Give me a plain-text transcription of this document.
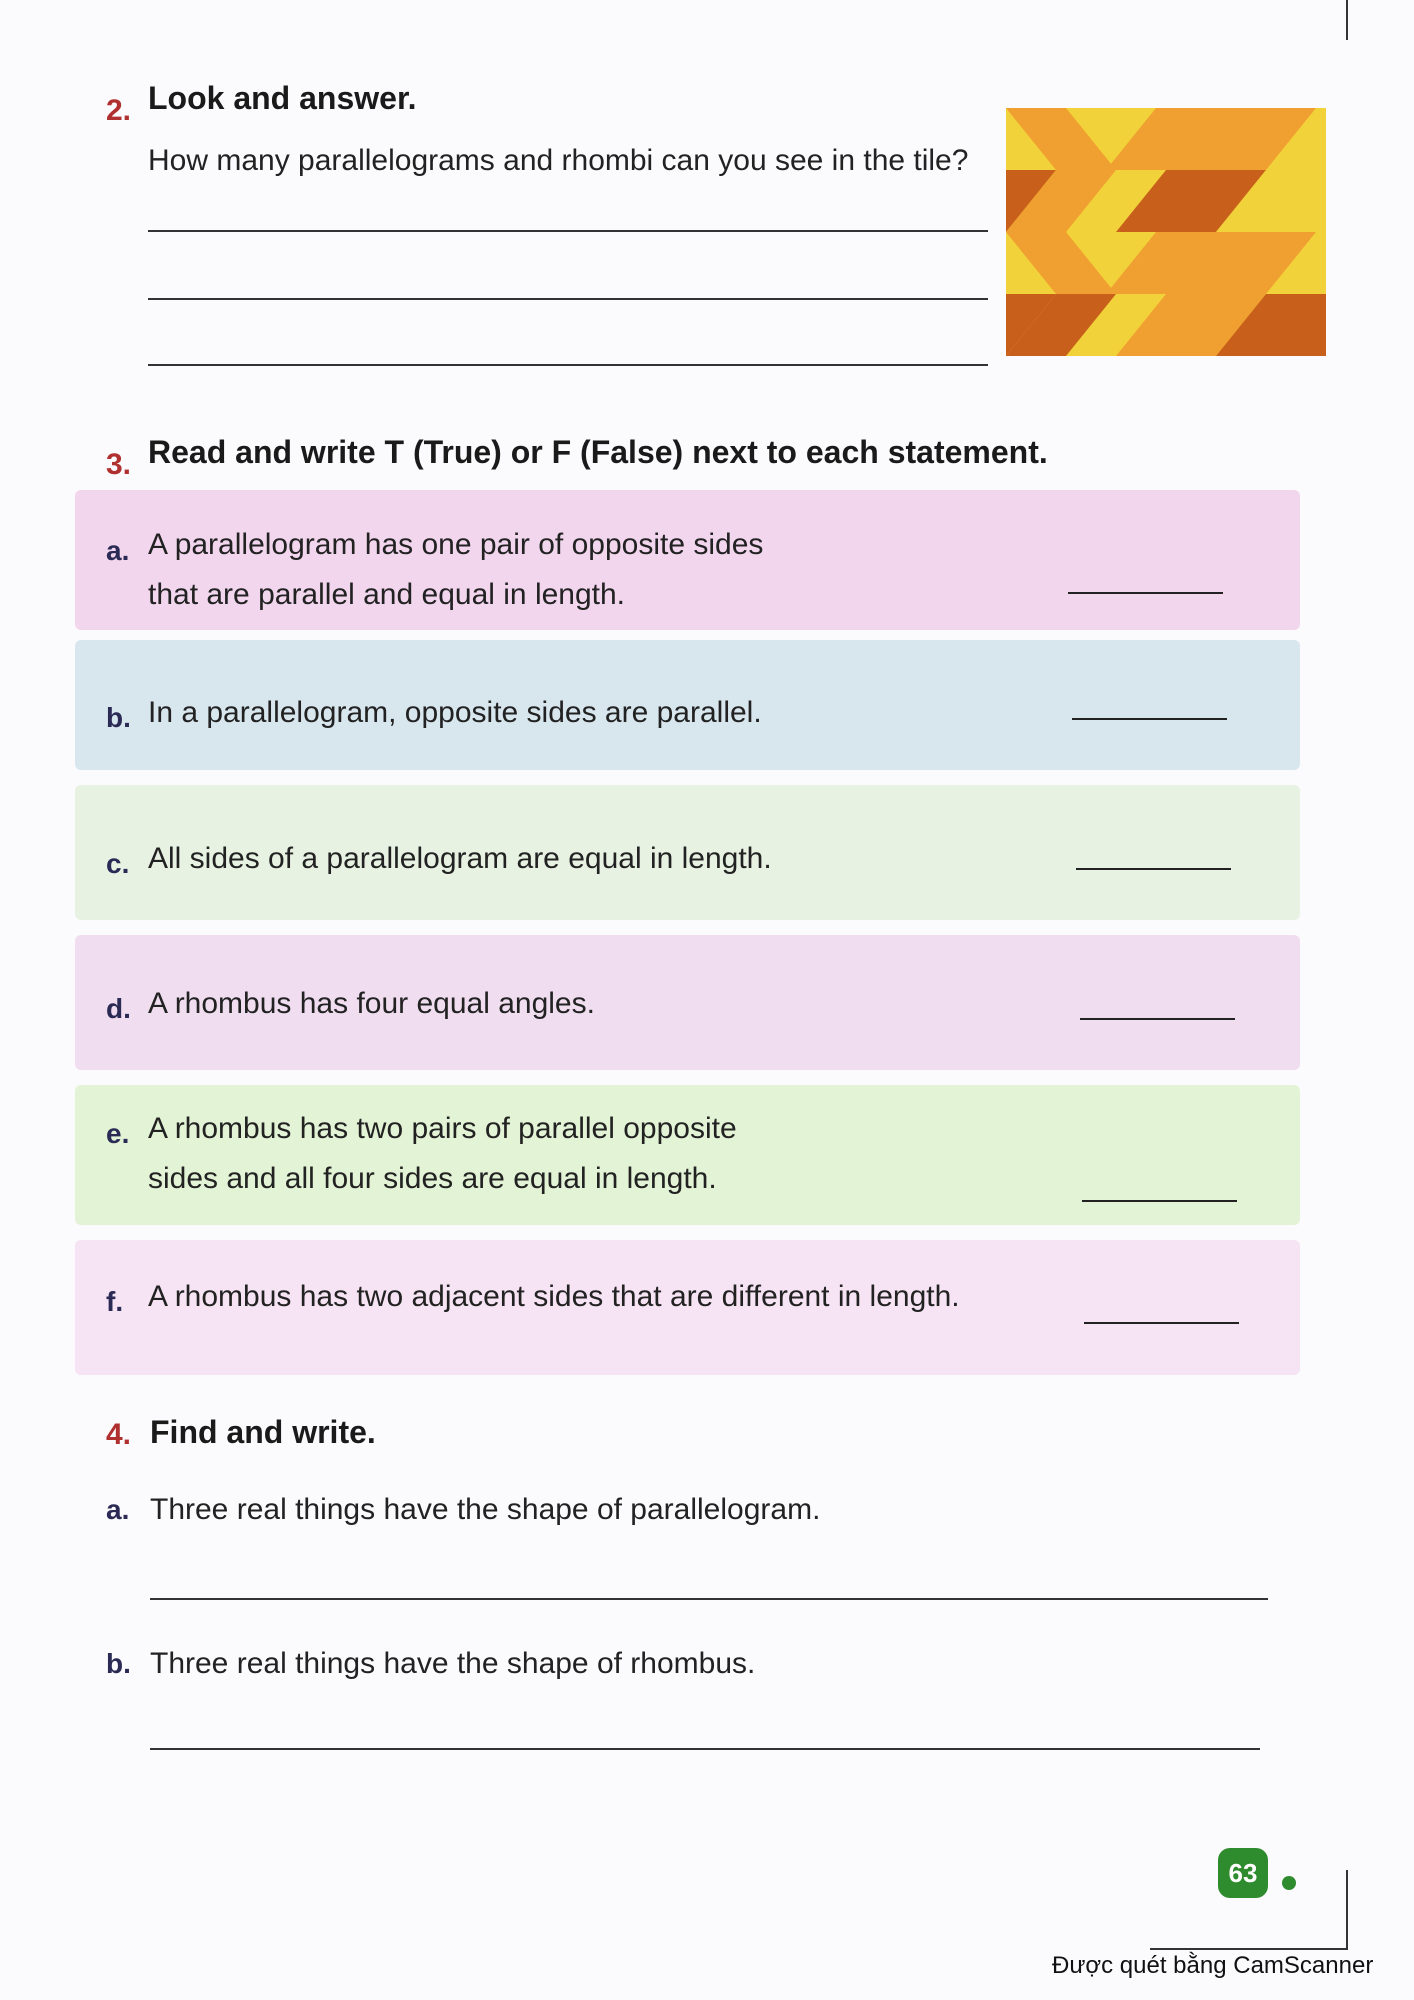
2. Look and answer.
How many parallelograms and rhombi can you see in the tile?
3. Read and write T (True) or F (False) next to each statement.
a. A parallelogram has one pair of opposite sides
that are parallel and equal in length.
b. In a parallelogram, opposite sides are parallel.
c. All sides of a parallelogram are equal in length.
d. A rhombus has four equal angles.
e. A rhombus has two pairs of parallel opposite
sides and all four sides are equal in length.
f. A rhombus has two adjacent sides that are different in length.
4. Find and write.
a. Three real things have the shape of parallelogram.
b. Three real things have the shape of rhombus.
63
Được quét bằng CamScanner
